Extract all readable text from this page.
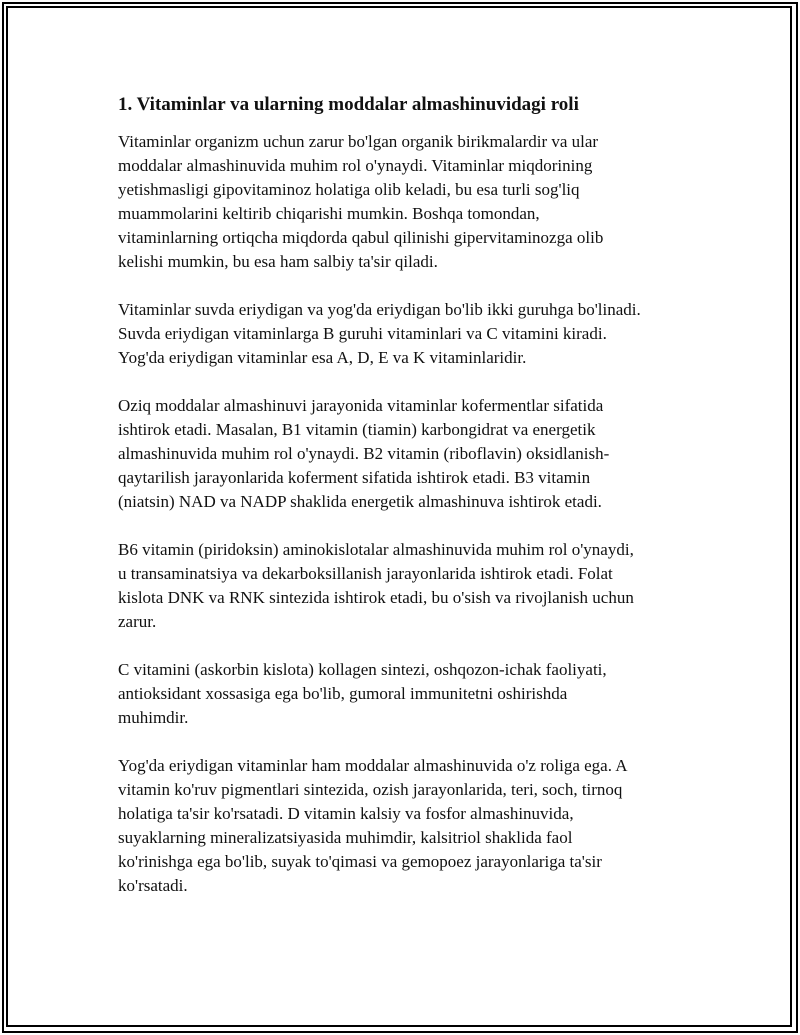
1. Vitaminlar va ularning moddalar almashinuvidagi roli

Vitaminlar organizm uchun zarur bo'lgan organik birikmalardir va ular
moddalar almashinuvida muhim rol o'ynaydi. Vitaminlar miqdorining
yetishmasligi gipovitaminoz holatiga olib keladi, bu esa turli sog'liq
muammolarini keltirib chiqarishi mumkin. Boshqa tomondan,
vitaminlarning ortiqcha miqdorda qabul qilinishi gipervitaminozga olib
kelishi mumkin, bu esa ham salbiy ta'sir qiladi.

Vitaminlar suvda eriydigan va yog'da eriydigan bo'lib ikki guruhga bo'linadi.
Suvda eriydigan vitaminlarga B guruhi vitaminlari va C vitamini kiradi.
Yog'da eriydigan vitaminlar esa A, D, E va K vitaminlaridir.

Oziq moddalar almashinuvi jarayonida vitaminlar kofermentlar sifatida
ishtirok etadi. Masalan, B1 vitamin (tiamin) karbongidrat va energetik
almashinuvida muhim rol o'ynaydi. B2 vitamin (riboflavin) oksidlanish-
qaytarilish jarayonlarida koferment sifatida ishtirok etadi. B3 vitamin
(niatsin) NAD va NADP shaklida energetik almashinuva ishtirok etadi.

B6 vitamin (piridoksin) aminokislotalar almashinuvida muhim rol o'ynaydi,
u transaminatsiya va dekarboksillanish jarayonlarida ishtirok etadi. Folat
kislota DNK va RNK sintezida ishtirok etadi, bu o'sish va rivojlanish uchun
zarur.

C vitamini (askorbin kislota) kollagen sintezi, oshqozon-ichak faoliyati,
antioksidant xossasiga ega bo'lib, gumoral immunitetni oshirishda
muhimdir.

Yog'da eriydigan vitaminlar ham moddalar almashinuvida o'z roliga ega. A
vitamin ko'ruv pigmentlari sintezida, ozish jarayonlarida, teri, soch, tirnoq
holatiga ta'sir ko'rsatadi. D vitamin kalsiy va fosfor almashinuvida,
suyaklarning mineralizatsiyasida muhimdir, kalsitriol shaklida faol
ko'rinishga ega bo'lib, suyak to'qimasi va gemopoez jarayonlariga ta'sir
ko'rsatadi.
